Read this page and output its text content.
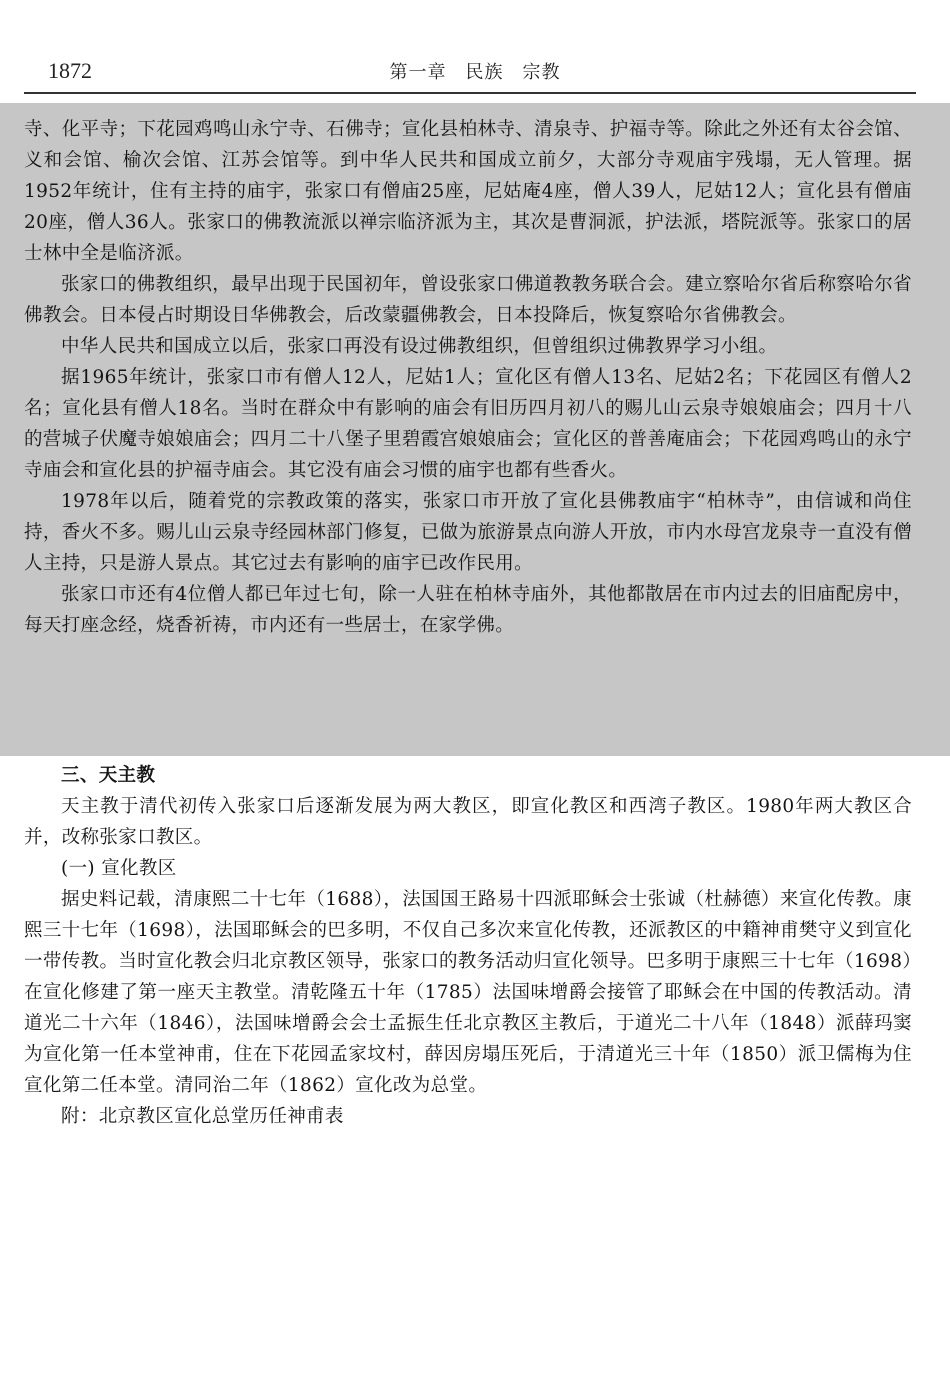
1872	第一章　民族　宗教

寺、化平寺；下花园鸡鸣山永宁寺、石佛寺；宣化县柏林寺、清泉寺、护福寺等。除此之外还有太谷会馆、义和会馆、榆次会馆、江苏会馆等。到中华人民共和国成立前夕，大部分寺观庙宇残塌，无人管理。据1952年统计，住有主持的庙宇，张家口有僧庙25座，尼姑庵4座，僧人39人，尼姑12人；宣化县有僧庙20座，僧人36人。张家口的佛教流派以禅宗临济派为主，其次是曹洞派，护法派，塔院派等。张家口的居士林中全是临济派。

张家口的佛教组织，最早出现于民国初年，曾设张家口佛道教教务联合会。建立察哈尔省后称察哈尔省佛教会。日本侵占时期设日华佛教会，后改蒙疆佛教会，日本投降后，恢复察哈尔省佛教会。

中华人民共和国成立以后，张家口再没有设过佛教组织，但曾组织过佛教界学习小组。

据1965年统计，张家口市有僧人12人，尼姑1人；宣化区有僧人13名、尼姑2名；下花园区有僧人2名；宣化县有僧人18名。当时在群众中有影响的庙会有旧历四月初八的赐儿山云泉寺娘娘庙会；四月十八的营城子伏魔寺娘娘庙会；四月二十八堡子里碧霞宫娘娘庙会；宣化区的普善庵庙会；下花园鸡鸣山的永宁寺庙会和宣化县的护福寺庙会。其它没有庙会习惯的庙宇也都有些香火。

1978年以后，随着党的宗教政策的落实，张家口市开放了宣化县佛教庙宇“柏林寺”，由信诚和尚住持，香火不多。赐儿山云泉寺经园林部门修复，已做为旅游景点向游人开放，市内水母宫龙泉寺一直没有僧人主持，只是游人景点。其它过去有影响的庙宇已改作民用。

张家口市还有4位僧人都已年过七旬，除一人驻在柏林寺庙外，其他都散居在市内过去的旧庙配房中，每天打座念经，烧香祈祷，市内还有一些居士，在家学佛。

三、天主教

天主教于清代初传入张家口后逐渐发展为两大教区，即宣化教区和西湾子教区。1980年两大教区合并，改称张家口教区。

(一) 宣化教区

据史料记载，清康熙二十七年（1688），法国国王路易十四派耶稣会士张诚（杜赫德）来宣化传教。康熙三十七年（1698），法国耶稣会的巴多明，不仅自己多次来宣化传教，还派教区的中籍神甫樊守义到宣化一带传教。当时宣化教会归北京教区领导，张家口的教务活动归宣化领导。巴多明于康熙三十七年（1698）在宣化修建了第一座天主教堂。清乾隆五十年（1785）法国味增爵会接管了耶稣会在中国的传教活动。清道光二十六年（1846），法国味增爵会会士孟振生任北京教区主教后，于道光二十八年（1848）派薛玛窦为宣化第一任本堂神甫，住在下花园孟家坟村，薛因房塌压死后，于清道光三十年（1850）派卫儒梅为住宣化第二任本堂。清同治二年（1862）宣化改为总堂。

附：北京教区宣化总堂历任神甫表
